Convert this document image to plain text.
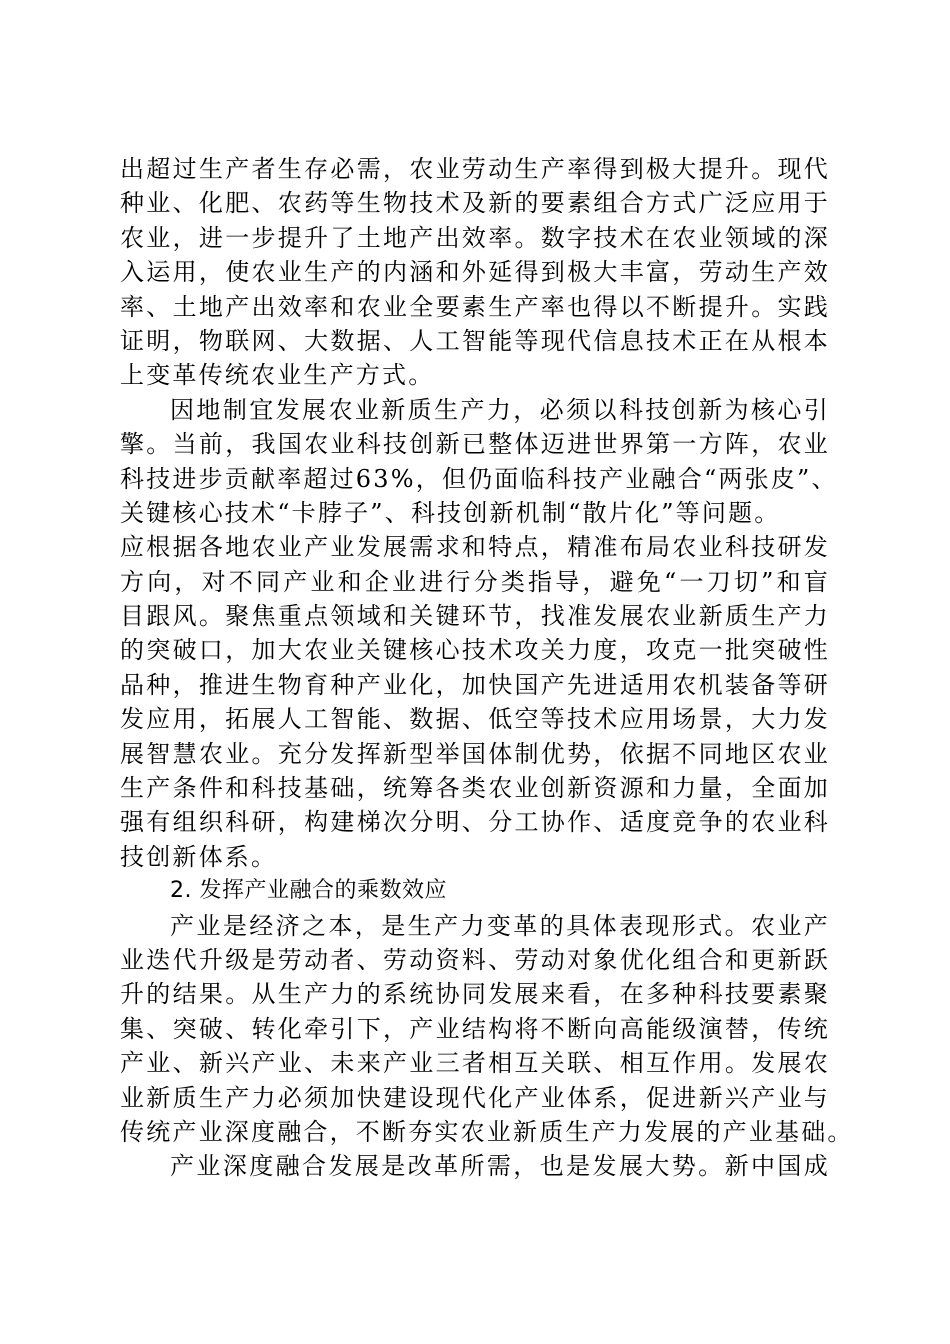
出超过生产者生存必需，农业劳动生产率得到极大提升。现代
种业、化肥、农药等生物技术及新的要素组合方式广泛应用于
农业，进一步提升了土地产出效率。数字技术在农业领域的深
入运用，使农业生产的内涵和外延得到极大丰富，劳动生产效
率、土地产出效率和农业全要素生产率也得以不断提升。实践
证明，物联网、大数据、人工智能等现代信息技术正在从根本
上变革传统农业生产方式。
因地制宜发展农业新质生产力，必须以科技创新为核心引
擎。当前，我国农业科技创新已整体迈进世界第一方阵，农业
科技进步贡献率超过63%，但仍面临科技产业融合“两张皮”、
关键核心技术“卡脖子”、科技创新机制“散片化”等问题。
应根据各地农业产业发展需求和特点，精准布局农业科技研发
方向，对不同产业和企业进行分类指导，避免“一刀切”和盲
目跟风。聚焦重点领域和关键环节，找准发展农业新质生产力
的突破口，加大农业关键核心技术攻关力度，攻克一批突破性
品种，推进生物育种产业化，加快国产先进适用农机装备等研
发应用，拓展人工智能、数据、低空等技术应用场景，大力发
展智慧农业。充分发挥新型举国体制优势，依据不同地区农业
生产条件和科技基础，统筹各类农业创新资源和力量，全面加
强有组织科研，构建梯次分明、分工协作、适度竞争的农业科
技创新体系。
2. 发挥产业融合的乘数效应
产业是经济之本，是生产力变革的具体表现形式。农业产
业迭代升级是劳动者、劳动资料、劳动对象优化组合和更新跃
升的结果。从生产力的系统协同发展来看，在多种科技要素聚
集、突破、转化牵引下，产业结构将不断向高能级演替，传统
产业、新兴产业、未来产业三者相互关联、相互作用。发展农
业新质生产力必须加快建设现代化产业体系，促进新兴产业与
传统产业深度融合，不断夯实农业新质生产力发展的产业基础。
产业深度融合发展是改革所需，也是发展大势。新中国成
